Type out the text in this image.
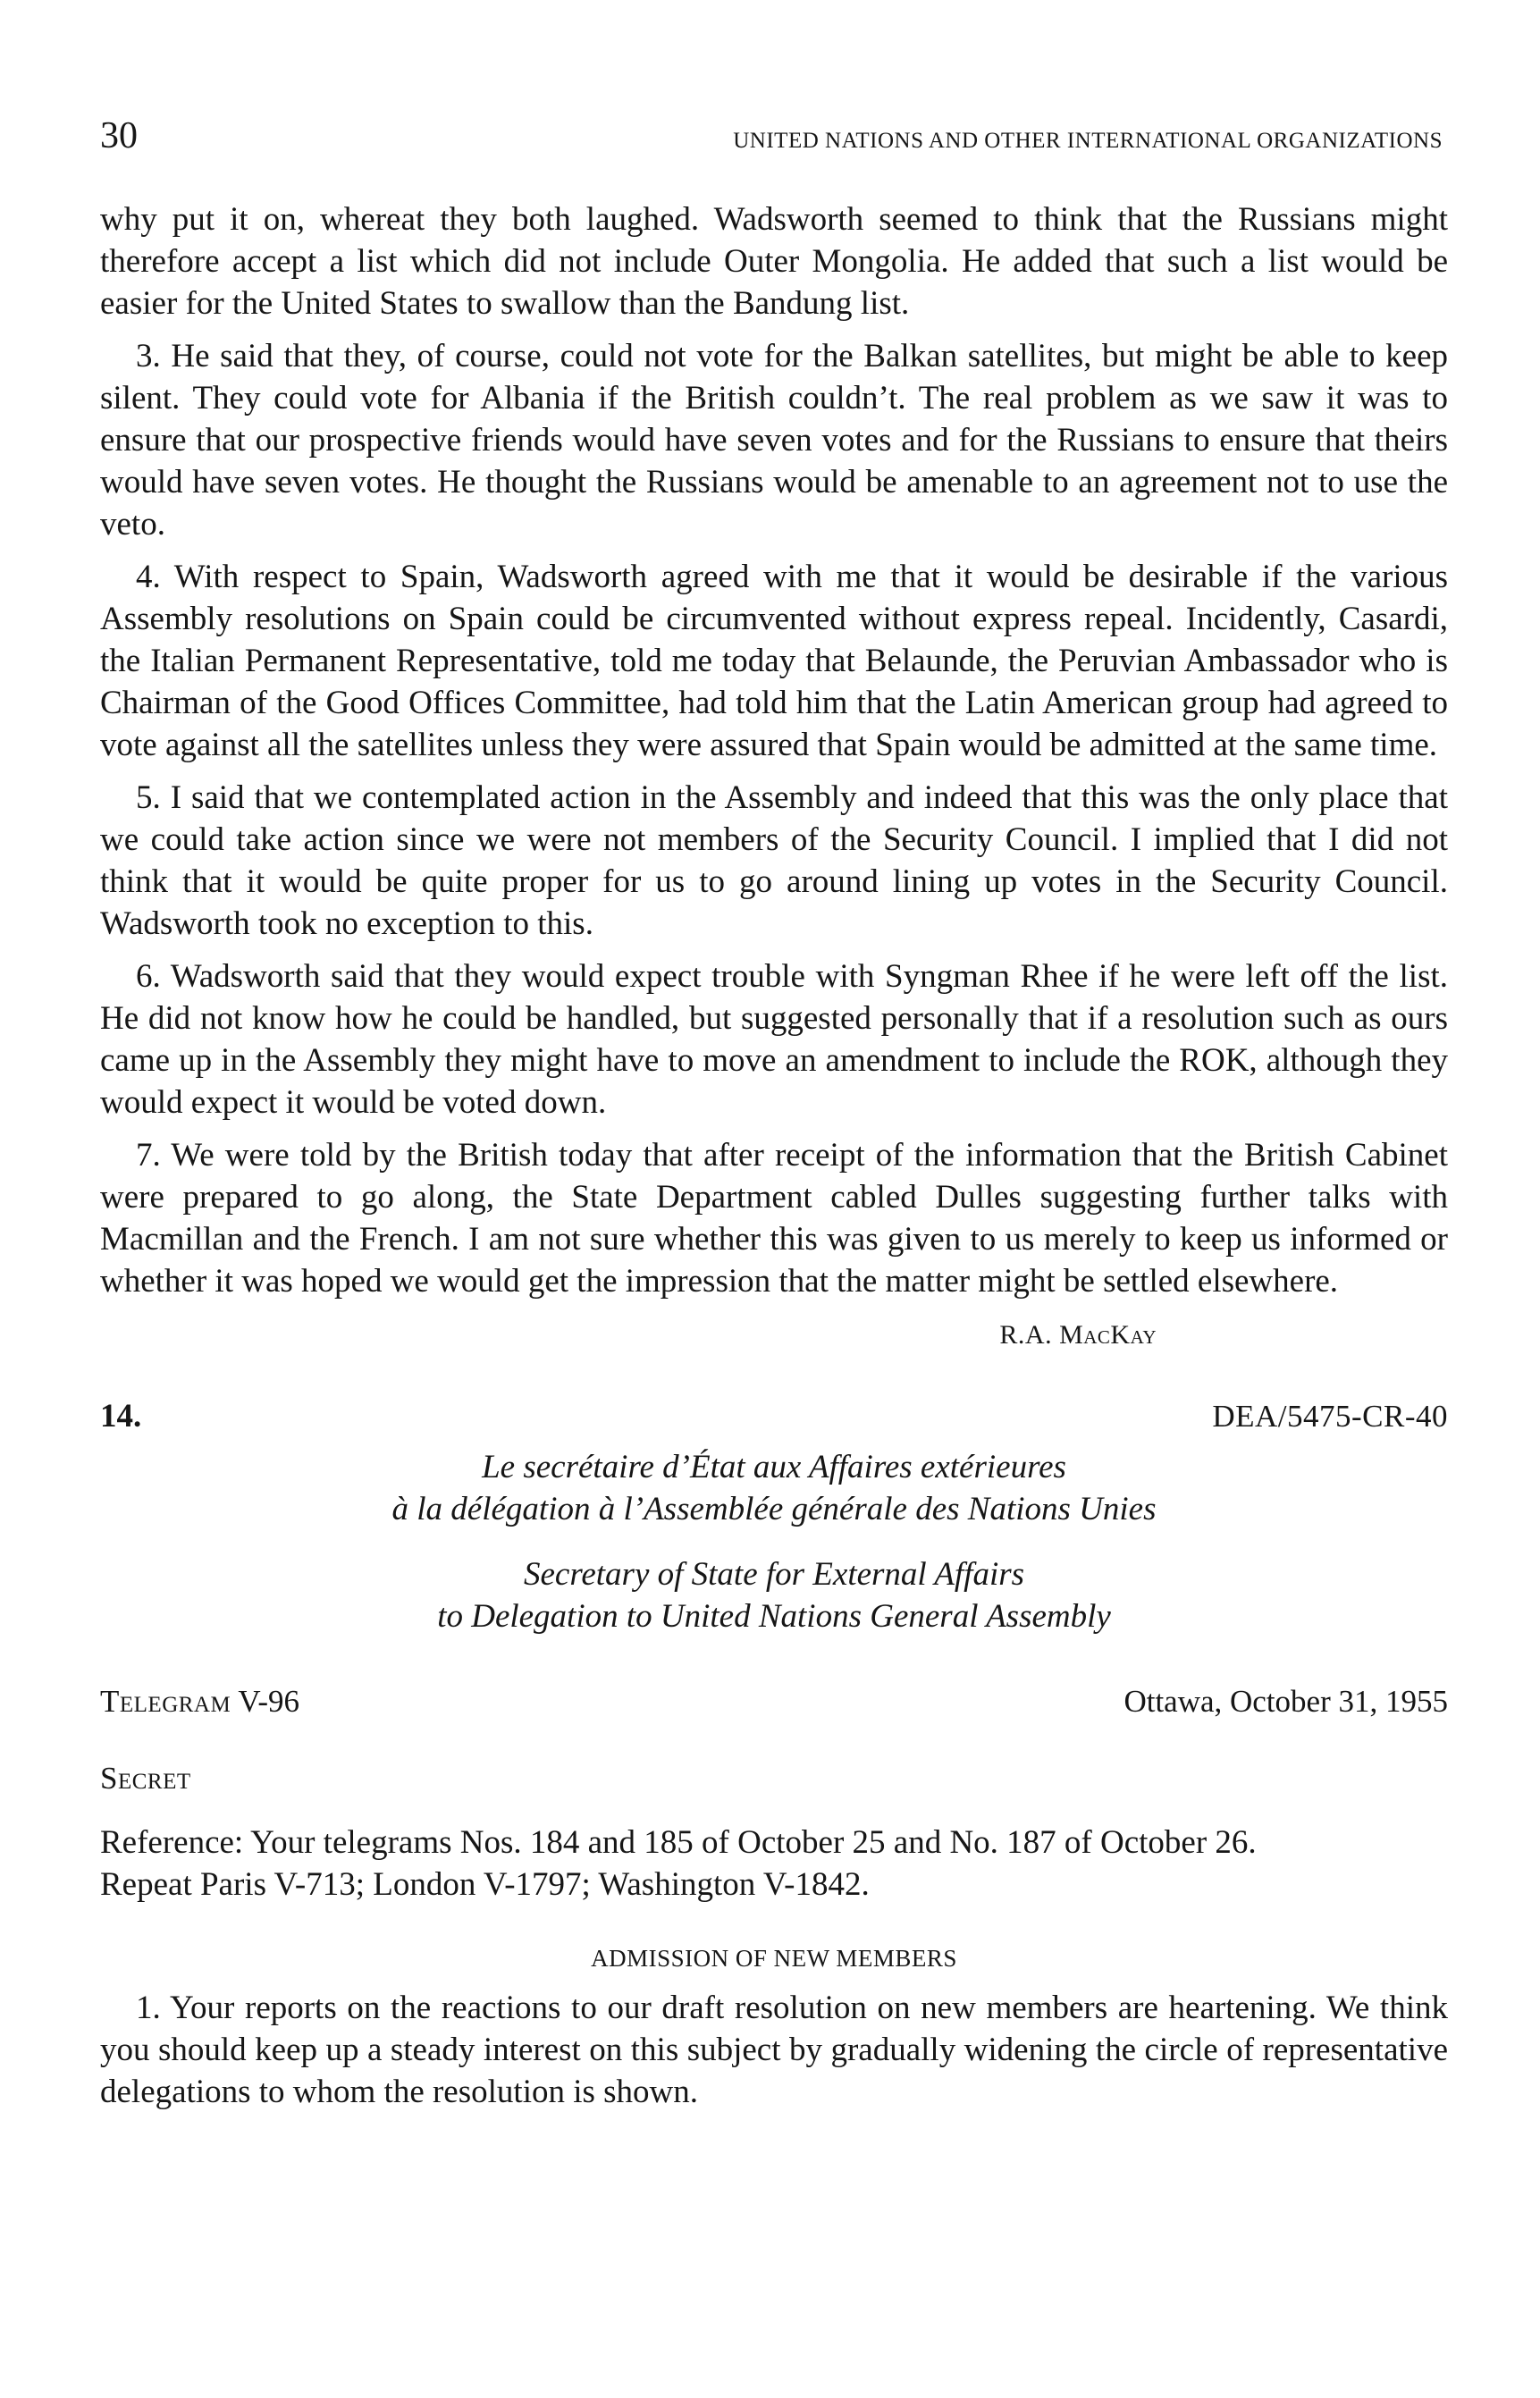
30	UNITED NATIONS AND OTHER INTERNATIONAL ORGANIZATIONS

why put it on, whereat they both laughed. Wadsworth seemed to think that the Russians might therefore accept a list which did not include Outer Mongolia. He added that such a list would be easier for the United States to swallow than the Bandung list.

3. He said that they, of course, could not vote for the Balkan satellites, but might be able to keep silent. They could vote for Albania if the British couldn’t. The real problem as we saw it was to ensure that our prospective friends would have seven votes and for the Russians to ensure that theirs would have seven votes. He thought the Russians would be amenable to an agreement not to use the veto.

4. With respect to Spain, Wadsworth agreed with me that it would be desirable if the various Assembly resolutions on Spain could be circumvented without express repeal. Incidently, Casardi, the Italian Permanent Representative, told me today that Belaunde, the Peruvian Ambassador who is Chairman of the Good Offices Committee, had told him that the Latin American group had agreed to vote against all the satellites unless they were assured that Spain would be admitted at the same time.

5. I said that we contemplated action in the Assembly and indeed that this was the only place that we could take action since we were not members of the Security Council. I implied that I did not think that it would be quite proper for us to go around lining up votes in the Security Council. Wadsworth took no exception to this.

6. Wadsworth said that they would expect trouble with Syngman Rhee if he were left off the list. He did not know how he could be handled, but suggested personally that if a resolution such as ours came up in the Assembly they might have to move an amendment to include the ROK, although they would expect it would be voted down.

7. We were told by the British today that after receipt of the information that the British Cabinet were prepared to go along, the State Department cabled Dulles suggesting further talks with Macmillan and the French. I am not sure whether this was given to us merely to keep us informed or whether it was hoped we would get the impression that the matter might be settled elsewhere.

R.A. MacKay
14.	DEA/5475-CR-40
Le secrétaire d’État aux Affaires extérieures
à la délégation à l’Assemblée générale des Nations Unies
Secretary of State for External Affairs
to Delegation to United Nations General Assembly
Telegram V-96	Ottawa, October 31, 1955
Secret
Reference: Your telegrams Nos. 184 and 185 of October 25 and No. 187 of October 26.
Repeat Paris V-713; London V-1797; Washington V-1842.
ADMISSION OF NEW MEMBERS

1. Your reports on the reactions to our draft resolution on new members are heartening. We think you should keep up a steady interest on this subject by gradually widening the circle of representative delegations to whom the resolution is shown.
